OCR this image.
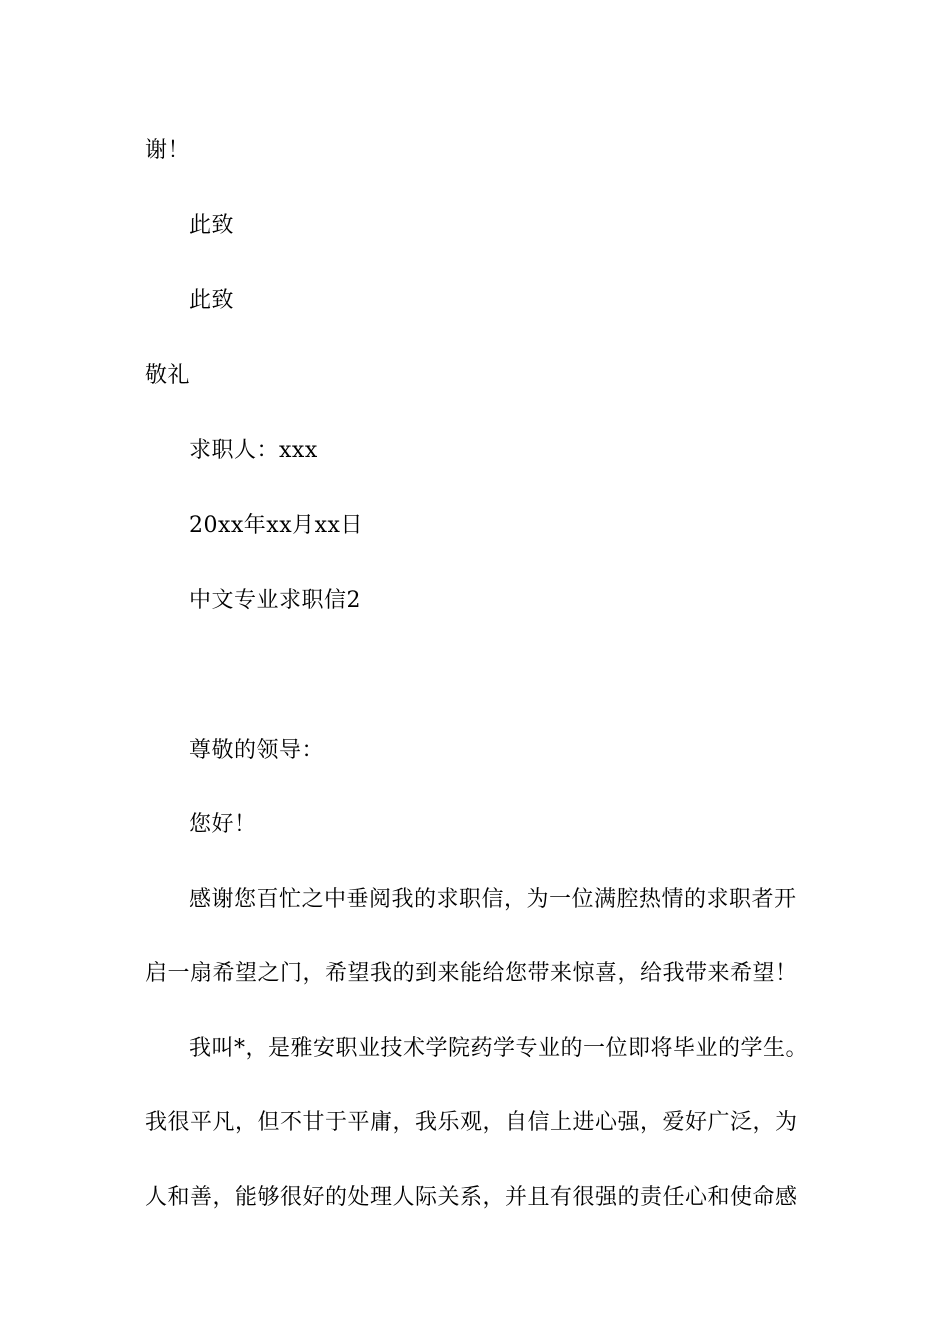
谢！
此致
此致
敬礼
求职人：xxx
20xx年xx月xx日
中文专业求职信2
尊敬的领导：
您好！
感谢您百忙之中垂阅我的求职信，为一位满腔热情的求职者开
启一扇希望之门，希望我的到来能给您带来惊喜，给我带来希望！
我叫*，是雅安职业技术学院药学专业的一位即将毕业的学生。
我很平凡，但不甘于平庸，我乐观，自信上进心强，爱好广泛，为
人和善，能够很好的处理人际关系，并且有很强的责任心和使命感
